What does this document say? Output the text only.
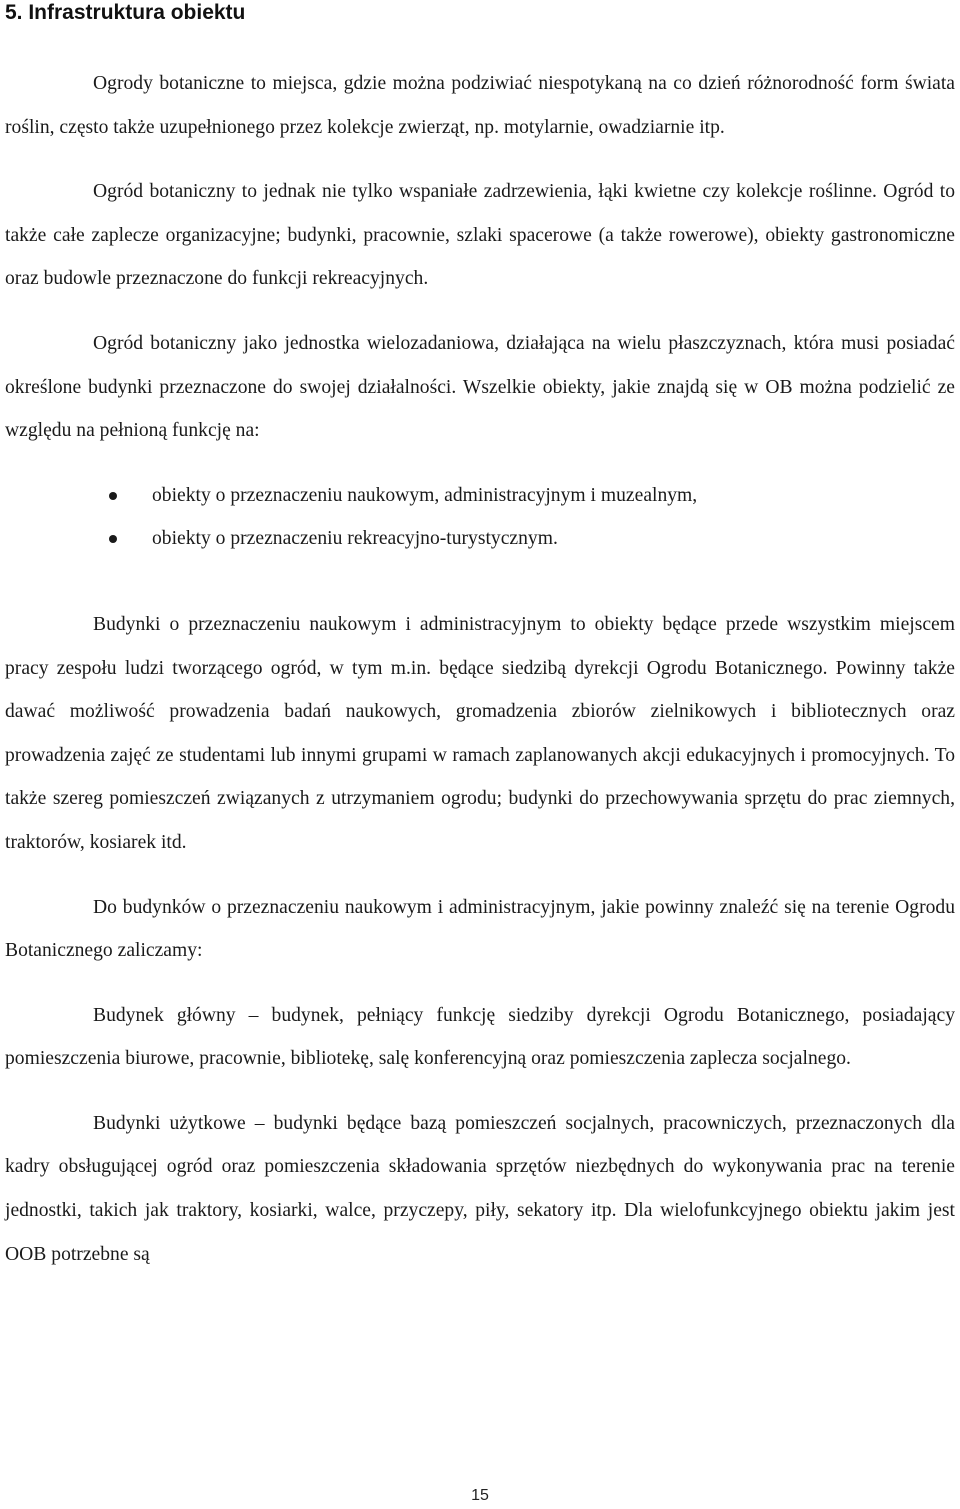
5. Infrastruktura obiektu

Ogrody botaniczne to miejsca, gdzie można podziwiać niespotykaną na co dzień różnorodność form świata roślin, często także uzupełnionego przez kolekcje zwierząt, np. motylarnie, owadziarnie itp.

Ogród botaniczny to jednak nie tylko wspaniałe zadrzewienia, łąki kwietne czy kolekcje roślinne. Ogród to także całe zaplecze organizacyjne; budynki, pracownie, szlaki spacerowe (a także rowerowe), obiekty gastronomiczne oraz budowle przeznaczone do funkcji rekreacyjnych.

Ogród botaniczny jako jednostka wielozadaniowa, działająca na wielu płaszczyznach, która musi posiadać określone budynki przeznaczone do swojej działalności. Wszelkie obiekty, jakie znajdą się w OB można podzielić ze względu na pełnioną funkcję na:

obiekty o przeznaczeniu naukowym, administracyjnym i muzealnym,
obiekty o przeznaczeniu rekreacyjno-turystycznym.

Budynki o przeznaczeniu naukowym i administracyjnym to obiekty będące przede wszystkim miejscem pracy zespołu ludzi tworzącego ogród, w tym m.in. będące siedzibą dyrekcji Ogrodu Botanicznego. Powinny także dawać możliwość prowadzenia badań naukowych, gromadzenia zbiorów zielnikowych i bibliotecznych oraz prowadzenia zajęć ze studentami lub innymi grupami w ramach zaplanowanych akcji edukacyjnych i promocyjnych. To także szereg pomieszczeń związanych z utrzymaniem ogrodu; budynki do przechowywania sprzętu do prac ziemnych, traktorów, kosiarek itd.

Do budynków o przeznaczeniu naukowym i administracyjnym, jakie powinny znaleźć się na terenie Ogrodu Botanicznego zaliczamy:

Budynek główny – budynek, pełniący funkcję siedziby dyrekcji Ogrodu Botanicznego, posiadający pomieszczenia biurowe, pracownie, bibliotekę, salę konferencyjną oraz pomieszczenia zaplecza socjalnego.

Budynki użytkowe – budynki będące bazą pomieszczeń socjalnych, pracowniczych, przeznaczonych dla kadry obsługującej ogród oraz pomieszczenia składowania sprzętów niezbędnych do wykonywania prac na terenie jednostki, takich jak traktory, kosiarki, walce, przyczepy, piły, sekatory itp. Dla wielofunkcyjnego obiektu jakim jest OOB potrzebne są

15
